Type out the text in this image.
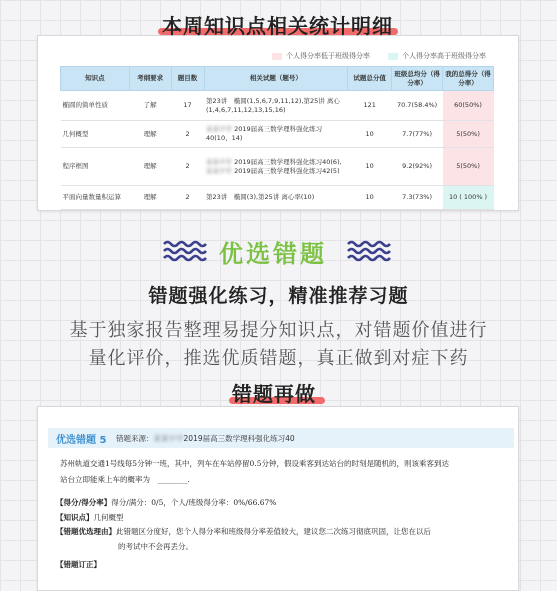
本周知识点相关统计明细
个人得分率低于班级得分率	个人得分率高于班级得分率
知识点	考纲要求	题目数	相关试题（题号）	试题总分值	班级总均分（得分率）	我的总得分（得分率）
椭圆的简单性质	了解	17	第23讲　椭圆(1,5,6,7,9,11,12),第25讲 离心(1,4,6,7,11,12,13,15,16)	121	70.7(58.4%)	60(50%)
几何概型	理解	2	某某中学 2019届高三数学理科强化练习40(10、14)	10	7.7(77%)	5(50%)
程序框图	理解	2	某某中学 2019届高三数学理科强化练习40(6),某某中学 2019届高三数学理科强化练习42(5)	10	9.2(92%)	5(50%)
平面向量数量积运算	理解	2	第23讲　椭圆(3),第25讲 离心率(10)	10	7.3(73%)	10 ( 100% )
优选错题
错题强化练习，精准推荐习题
基于独家报告整理易提分知识点，对错题价值进行
量化评价，推选优质错题，真正做到对症下药
错题再做
优选错题 5 错题来源：某某中学2019届高三数学理科强化练习40
苏州轨道交通1号线每5分钟一班，其中，列车在车站停留0.5分钟，假设乘客到达站台的时刻是随机的，则该乘客到达
站台立即能乘上车的概率为　________.
【得分/得分率】得分/满分：0/5，个人/班级得分率：0%/66.67%
【知识点】几何概型
【错题优选理由】此错题区分度好，您个人得分率和班级得分率差值较大，建议您二次练习彻底巩固，让您在以后
的考试中不会再丢分。
【错题订正】
